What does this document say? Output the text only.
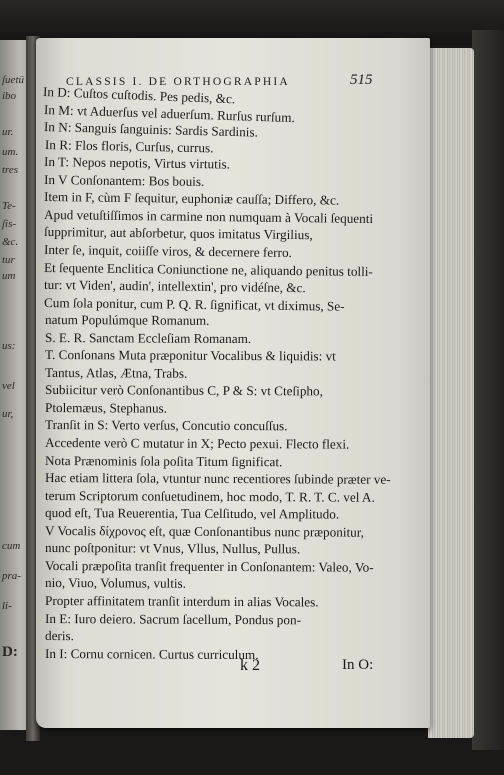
ſuetü
ibo
ur.
um.
tres
Te-
ſis-
&c.
tur
um
us:
vel
ur,
cum
pra-
li-
D:
CLASSIS I. DE ORTHOGRAPHIA	515
In D: Cuſtos cuſtodis. Pes pedis, &c.
In M: vt Aduerſus vel aduerſum. Rurſus rurſum.
In N: Sanguis ſanguinis: Sardis Sardinis.
In R: Flos floris, Curſus, currus.
In T: Nepos nepotis, Virtus virtutis.
In V Conſonantem: Bos bouis.
Item in F, cùm F ſequitur, euphoniæ cauſſa; Differo, &c.
Apud vetuſtiſſimos in carmine non numquam à Vocali ſequenti
ſupprimitur, aut abſorbetur, quos imitatus Virgilius,
Inter ſe, inquit, coiiſſe viros, & decernere ferro.
Et ſequente Enclitica Coniunctione ne, aliquando penitus tolli-
tur: vt Viden', audin', intellextin', pro vidéſne, &c.
Cum ſola ponitur, cum P. Q. R. ſignificat, vt diximus, Se-
natum Populúmque Romanum.
S. E. R. Sanctam Eccleſiam Romanam.
T. Conſonans Muta præponitur Vocalibus & liquidis: vt
Tantus, Atlas, Ætna, Trabs.
Subiicitur verò Conſonantibus C, P & S: vt Cteſipho,
Ptolemæus, Stephanus.
Tranſit in S: Verto verſus, Concutio concuſſus.
Accedente verò C mutatur in X; Pecto pexui. Flecto flexi.
Nota Prænominis ſola poſita Titum ſignificat.
Hac etiam littera ſola, vtuntur nunc recentiores ſubinde præter ve-
terum Scriptorum conſuetudinem, hoc modo, T. R. T. C. vel A.
quod eſt, Tua Reuerentia, Tua Celſitudo, vel Amplitudo.
V Vocalis δίχρονος eſt, quæ Conſonantibus nunc præponitur,
nunc poſtponitur: vt Vnus, Vllus, Nullus, Pullus.
Vocali præpoſita tranſit frequenter in Conſonantem: Valeo, Vo-
nio, Viuo, Volumus, vultis.
Propter affinitatem tranſit interdum in alias Vocales.
In E: Iuro deiero. Sacrum ſacellum, Pondus pon-
deris.
In I: Cornu cornicen. Curtus curriculum.
k 2	In O:
